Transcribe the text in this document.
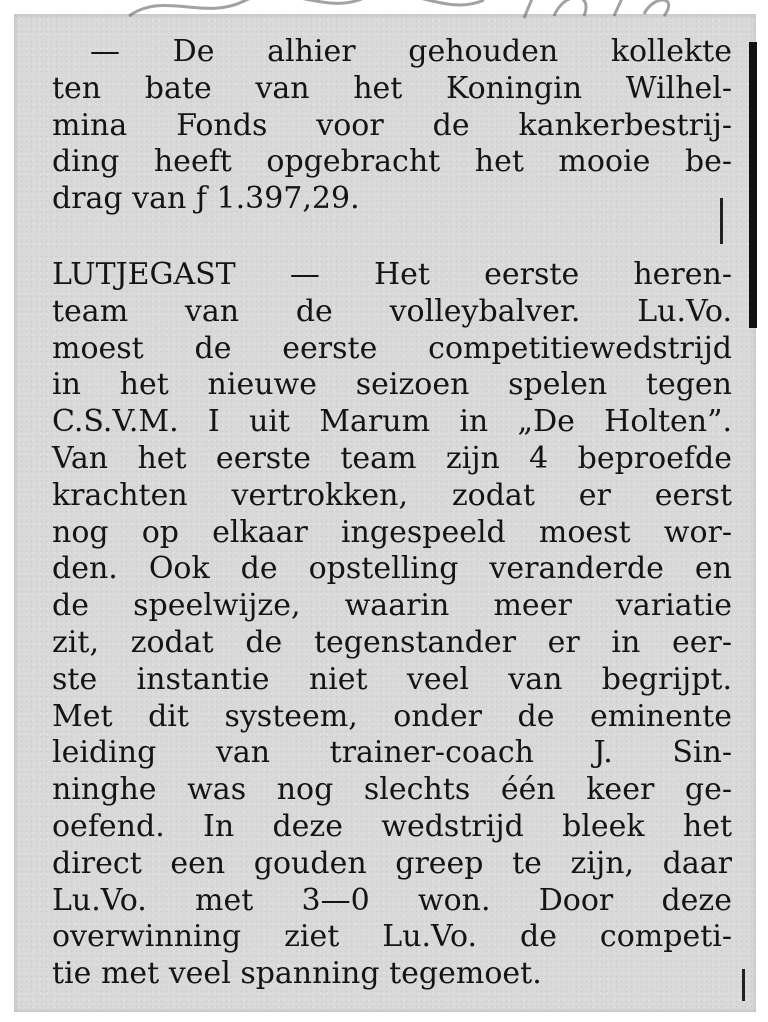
— De alhier gehouden kollekte
ten bate van het Koningin Wilhel-
mina Fonds voor de kankerbestrij-
ding heeft opgebracht het mooie be-
drag van ƒ 1.397,29.
LUTJEGAST — Het eerste heren-
team van de volleybalver. Lu.Vo.
moest de eerste competitiewedstrijd
in het nieuwe seizoen spelen tegen
C.S.V.M. I uit Marum in „De Holten”.
Van het eerste team zijn 4 beproefde
krachten vertrokken, zodat er eerst
nog op elkaar ingespeeld moest wor-
den. Ook de opstelling veranderde en
de speelwijze, waarin meer variatie
zit, zodat de tegenstander er in eer-
ste instantie niet veel van begrijpt.
Met dit systeem, onder de eminente
leiding van trainer-coach J. Sin-
ninghe was nog slechts één keer ge-
oefend. In deze wedstrijd bleek het
direct een gouden greep te zijn, daar
Lu.Vo. met 3—0 won. Door deze
overwinning ziet Lu.Vo. de competi-
tie met veel spanning tegemoet.
